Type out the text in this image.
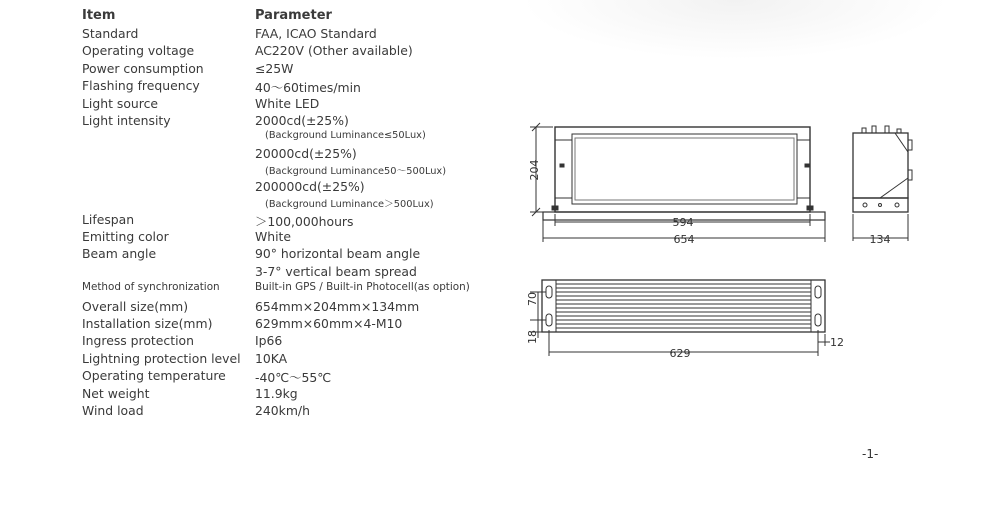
Item	Parameter
Standard	FAA, ICAO Standard
Operating voltage	AC220V (Other available)
Power consumption	≤25W
Flashing frequency	40～60times/min
Light source	White LED
Light intensity	2000cd(±25%)
(Background Luminance≤50Lux)
20000cd(±25%)
(Background Luminance50～500Lux)
200000cd(±25%)
(Background Luminance＞500Lux)
Lifespan	＞100,000hours
Emitting color	White
Beam angle	90° horizontal beam angle
3-7° vertical beam spread
Method of synchronization	Built-in GPS / Built-in Photocell(as option)
Overall size(mm)	654mm×204mm×134mm
Installation size(mm)	629mm×60mm×4-M10
Ingress protection	Ip66
Lightning protection level 10KA
Operating temperature -40℃～55℃
Net weight	11.9kg
Wind load	240km/h
204
594
654	134
70
18
629
12
-1-
